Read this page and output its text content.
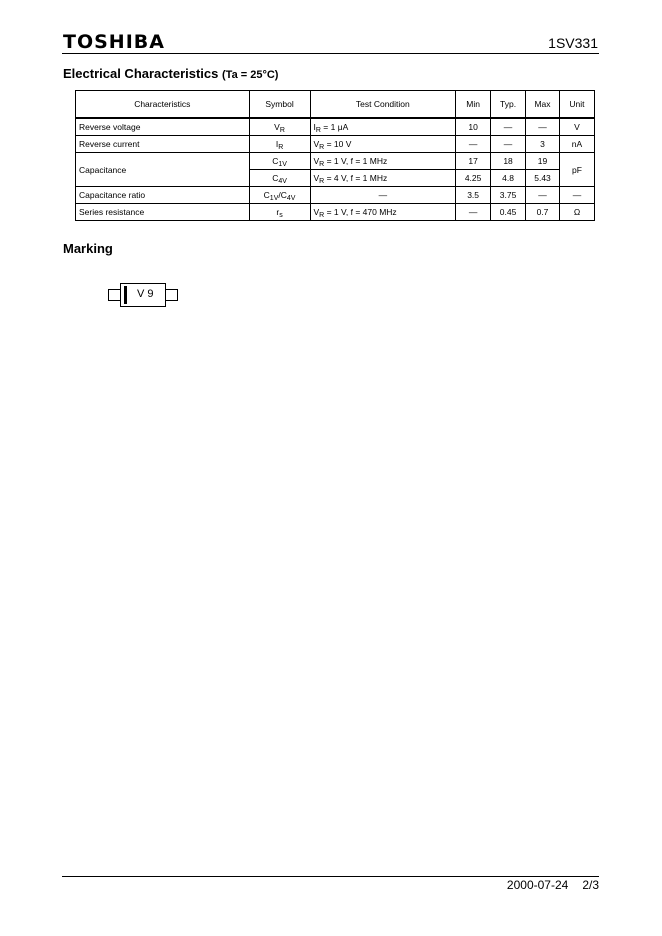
TOSHIBA	1SV331
Electrical Characteristics (Ta = 25°C)
Characteristics	Symbol	Test Condition	Min	Typ.	Max	Unit
Reverse voltage	$V_R$	$I_R = 1$ μA	10	—	—	V
Reverse current	$I_R$	$V_R = 10$ V	—	—	3	nA
Capacitance	$C_{1V}$	$V_R = 1$ V, f = 1 MHz	17	18	19	pF
	$C_{4V}$	$V_R = 4$ V, f = 1 MHz	4.25	4.8	5.43	
Capacitance ratio	$C_{1V}/C_{4V}$	—	3.5	3.75	—	—
Series resistance	$r_s$	$V_R = 1$ V, f = 470 MHz	—	0.45	0.7	Ω
Marking
V 9
2000-07-24 2/3
